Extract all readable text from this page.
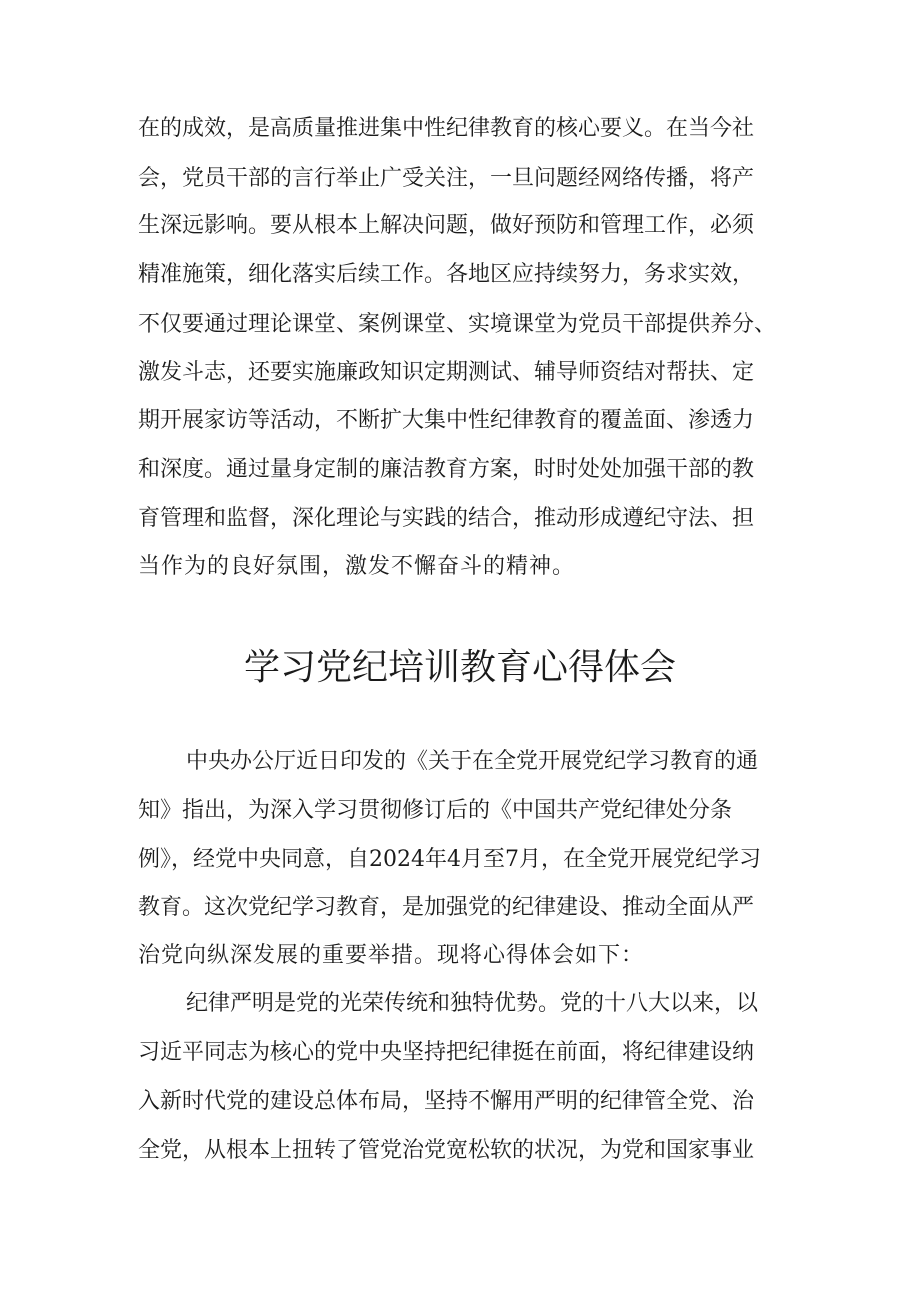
在的成效，是高质量推进集中性纪律教育的核心要义。在当今社
会，党员干部的言行举止广受关注，一旦问题经网络传播，将产
生深远影响。要从根本上解决问题，做好预防和管理工作，必须
精准施策，细化落实后续工作。各地区应持续努力，务求实效，
不仅要通过理论课堂、案例课堂、实境课堂为党员干部提供养分、
激发斗志，还要实施廉政知识定期测试、辅导师资结对帮扶、定
期开展家访等活动，不断扩大集中性纪律教育的覆盖面、渗透力
和深度。通过量身定制的廉洁教育方案，时时处处加强干部的教
育管理和监督，深化理论与实践的结合，推动形成遵纪守法、担
当作为的良好氛围，激发不懈奋斗的精神。
学习党纪培训教育心得体会
中央办公厅近日印发的《关于在全党开展党纪学习教育的通
知》指出，为深入学习贯彻修订后的《中国共产党纪律处分条
例》，经党中央同意，自2024年4月至7月，在全党开展党纪学习
教育。这次党纪学习教育，是加强党的纪律建设、推动全面从严
治党向纵深发展的重要举措。现将心得体会如下：
纪律严明是党的光荣传统和独特优势。党的十八大以来，以
习近平同志为核心的党中央坚持把纪律挺在前面，将纪律建设纳
入新时代党的建设总体布局，坚持不懈用严明的纪律管全党、治
全党，从根本上扭转了管党治党宽松软的状况，为党和国家事业
